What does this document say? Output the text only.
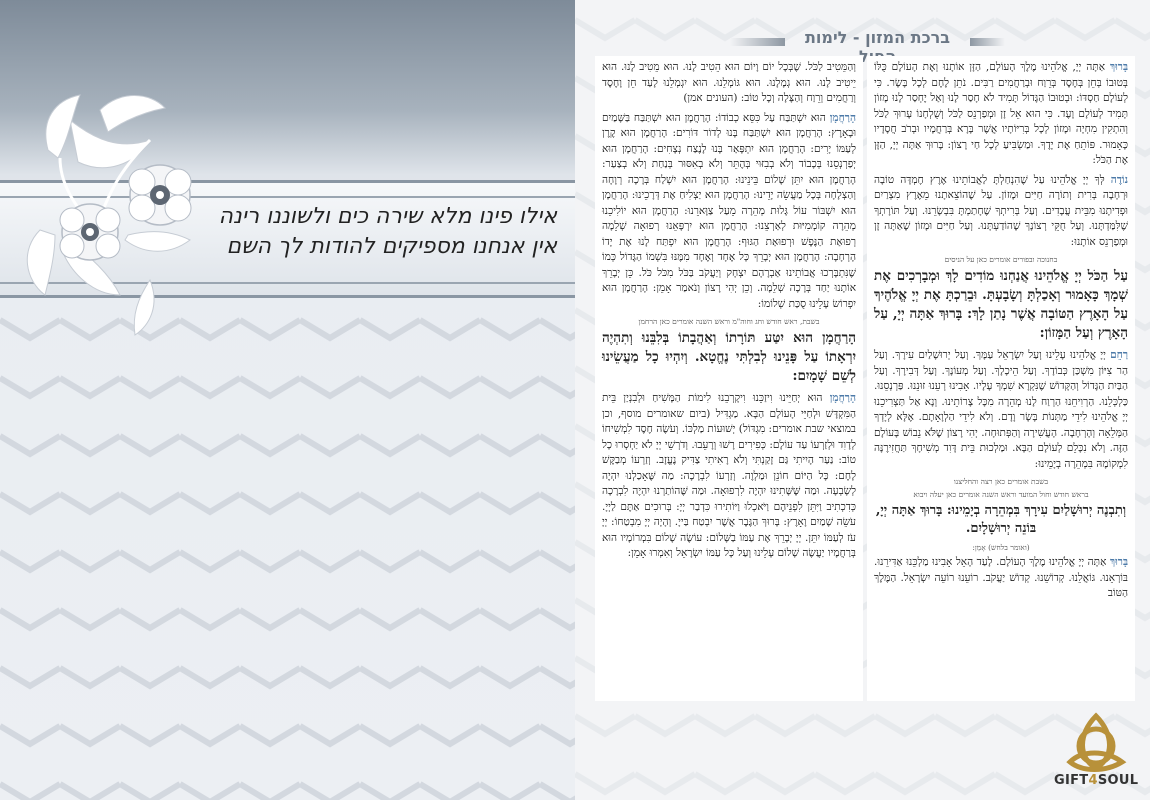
אילו פינו מלא שירה כים ולשוננו רינה
אין אנחנו מספיקים להודות לך השם
ברכת המזון - לימות
בָּרוּךְ אַתָּה יְיָ, אֱלֹהֵינוּ מֶלֶךְ הָעוֹלָם, הַזָּן אוֹתָנוּ וְאֶת הָעוֹלָם כֻּלּוֹ בְּטוּבוֹ בְּחֵן בְּחֶסֶד בְּרֵוַח וּבְרַחֲמִים רַבִּים. נֹתֵן לֶחֶם לְכָל בָּשָׂר. כִּי לְעוֹלָם חַסְדּוֹ: וּבְטוּבוֹ הַגָּדוֹל תָּמִיד לֹא חָסַר לָנוּ וְאַל יֶחְסַר לָנוּ מָזוֹן תָּמִיד לְעוֹלָם וָעֶד. כִּי הוּא אֵל זָן וּמְפַרְנֵס לַכֹּל וְשֻׁלְחָנוֹ עָרוּךְ לַכֹּל וְהִתְקִין מִחְיָה וּמָזוֹן לְכָל בְּרִיּוֹתָיו אֲשֶׁר בָּרָא בְּרַחֲמָיו וּבְרֹב חֲסָדָיו כָּאָמוּר. פּוֹתֵחַ אֶת יָדֶךָ. וּמַשְׂבִּיעַ לְכָל חַי רָצוֹן: בָּרוּךְ אַתָּה יְיָ, הַזָּן אֶת הַכֹּל:
נוֹדֶה לְּךָ יְיָ אֱלֹהֵינוּ עַל שֶׁהִנְחַלְתָּ לַאֲבוֹתֵינוּ אֶרֶץ חֶמְדָּה טוֹבָה וּרְחָבָה בְּרִית וְתוֹרָה חַיִּים וּמָזוֹן. עַל שֶׁהוֹצֵאתָנוּ מֵאֶרֶץ מִצְרַיִם וּפְדִיתָנוּ מִבֵּית עֲבָדִים. וְעַל בְּרִיתְךָ שֶׁחָתַמְתָּ בִּבְשָׂרֵנוּ. וְעַל תּוֹרָתְךָ שֶׁלִּמַּדְתָּנוּ. וְעַל חֻקֵּי רְצוֹנָךְ שֶׁהוֹדַעְתָּנוּ. וְעַל חַיִּים וּמָזוֹן שֶׁאַתָּה זָן וּמְפַרְנֵס אוֹתָנוּ:
בחנוכה ובפורים אומרים כאן על הניסים
עַל הַכֹּל יְיָ אֱלֹהֵינוּ אֲנַחְנוּ מוֹדִים לָךְ וּמְבָרְכִים אֶת שְׁמָךְ כָּאָמוּר וְאָכַלְתָּ וְשָׂבָעְתָּ. וּבֵרַכְתָּ אֶת יְיָ אֱלֹהֶיךָ עַל הָאָרֶץ הַטּוֹבָה אֲשֶׁר נָתַן לָךְ: בָּרוּךְ אַתָּה יְיָ, עַל הָאָרֶץ וְעַל הַמָּזוֹן:
רַחֵם יְיָ אֱלֹהֵינוּ עָלֵינוּ וְעַל יִשְׂרָאֵל עַמָּךְ. וְעַל יְרוּשָׁלַיִם עִירָךְ. וְעַל הַר צִיּוֹן מִשְׁכַּן כְּבוֹדָךְ. וְעַל הֵיכָלָךְ. וְעַל מְעוֹנָךְ. וְעַל דְּבִירָךְ. וְעַל הַבַּיִת הַגָּדוֹל וְהַקָּדוֹשׁ שֶׁנִּקְרָא שִׁמְךָ עָלָיו. אָבִינוּ רְעֵנוּ זוּנֵנוּ. פַּרְנְסֵנוּ. כַּלְכְּלֵנוּ. הַרְוִיחֵנוּ הַרְוַח לָנוּ מְהֵרָה מִכָּל צָרוֹתֵינוּ. וְנָא אַל תַּצְרִיכֵנוּ יְיָ אֱלֹהֵינוּ לִידֵי מַתְּנוֹת בָּשָׂר וָדָם. וְלֹא לִידֵי הַלְוָאָתָם. אֶלָּא לְיָדְךָ הַמְּלֵאָה וְהָרְחָבָה. הָעֲשִׁירָה וְהַפְּתוּחָה. יְהִי רָצוֹן שֶׁלֹּא נֵבוֹשׁ בָּעוֹלָם הַזֶּה. וְלֹא נִכָּלֵם לְעוֹלָם הַבָּא. וּמַלְכוּת בֵּית דָּוִד מְשִׁיחָךְ תַּחֲזִירֶנָּה לִמְקוֹמָהּ בִּמְהֵרָה בְיָמֵינוּ:
בשבת אומרים כאן רצה והחליצנו
בראש חודש וחול המועד וראש השנה אומרים כאן יעלה ויבוא
וְתִבְנֶה יְרוּשָׁלַיִם עִירָךְ בִּמְהֵרָה בְיָמֵינוּ: בָּרוּךְ אַתָּה יְיָ, בּוֹנֵה יְרוּשָׁלָיִם.
(ואומר בלחש) אָמֵן:
בָּרוּךְ אַתָּה יְיָ אֱלֹהֵינוּ מֶלֶךְ הָעוֹלָם. לָעַד הָאֵל אָבִינוּ מַלְכֵּנוּ אַדִּירֵנוּ. בּוֹרְאֵנוּ. גּוֹאֲלֵנוּ. קְדוֹשֵׁנוּ. קְדוֹשׁ יַעֲקֹב. רוֹעֵנוּ רוֹעֵה יִשְׂרָאֵל. הַמֶּלֶךְ הַטּוֹב
וְהַמֵּטִיב לַכֹּל. שֶׁבְּכָל יוֹם וָיוֹם הוּא הֵטִיב לָנוּ. הוּא מֵטִיב לָנוּ. הוּא יֵיטִיב לָנוּ. הוּא גְמָלָנוּ. הוּא גּוֹמְלֵנוּ. הוּא יִגְמְלֵנוּ לָעַד חֵן וָחֶסֶד וְרַחֲמִים וְרֵוַח וְהַצָּלָה וְכָל טוֹב: (העונים אמן)
הָרַחֲמָן הוּא יִשְׁתַּבַּח עַל כִּסֵּא כְבוֹדוֹ: הָרַחֲמָן הוּא יִשְׁתַּבַּח בַּשָּׁמַיִם וּבָאָרֶץ: הָרַחֲמָן הוּא יִשְׁתַּבַּח בָּנוּ לְדוֹר דּוֹרִים: הָרַחֲמָן הוּא קֶרֶן לְעַמּוֹ יָרִים: הָרַחֲמָן הוּא יִתְפָּאַר בָּנוּ לָנֶצַח נְצָחִים: הָרַחֲמָן הוּא יְפַרְנְסֵנוּ בְּכָבוֹד וְלֹא בְבִזּוּי בְּהֶתֵּר וְלֹא בְאִסּוּר בְּנַחַת וְלֹא בְצַעַר: הָרַחֲמָן הוּא יִתֵּן שָׁלוֹם בֵּינֵינוּ: הָרַחֲמָן הוּא יִשְׁלַח בְּרָכָה רְוָחָה וְהַצְלָחָה בְּכָל מַעֲשֵׂה יָדֵינוּ: הָרַחֲמָן הוּא יַצְלִיחַ אֶת דְּרָכֵינוּ: הָרַחֲמָן הוּא יִשְׁבּוֹר עוֹל גָּלוּת מְהֵרָה מֵעַל צַוָּארֵנוּ: הָרַחֲמָן הוּא יוֹלִיכֵנוּ מְהֵרָה קוֹמְמִיּוּת לְאַרְצֵנוּ: הָרַחֲמָן הוּא יִרְפָּאֵנוּ רְפוּאָה שְׁלֵמָה רְפוּאַת הַנֶּפֶשׁ וּרְפוּאַת הַגּוּף: הָרַחֲמָן הוּא יִפְתַּח לָנוּ אֶת יָדוֹ הָרְחָבָה: הָרַחֲמָן הוּא יְבָרֵךְ כָּל אֶחָד וְאֶחָד מִמֶּנּוּ בִּשְׁמוֹ הַגָּדוֹל כְּמוֹ שֶׁנִּתְבָּרְכוּ אֲבוֹתֵינוּ אַבְרָהָם יִצְחָק וְיַעֲקֹב בַּכֹּל מִכֹּל כֹּל. כֵּן יְבָרֵךְ אוֹתָנוּ יַחַד בְּרָכָה שְׁלֵמָה. וְכֵן יְהִי רָצוֹן וְנֹאמַר אָמֵן: הָרַחֲמָן הוּא יִפְרוֹשׂ עָלֵינוּ סֻכַּת שְׁלוֹמוֹ:
בשבת, ראש חודש וחג וחוה"מ וראש השנה אומרים כאן הרחמן
הָרַחֲמָן הוּא יִטַּע תּוֹרָתוֹ וְאַהֲבָתוֹ בְּלִבֵּנוּ וְתִהְיֶה יִרְאָתוֹ עַל פָּנֵינוּ לְבִלְתִּי נֶחֱטָא. וְיִהְיוּ כָל מַעֲשֵׂינוּ לְשֵׁם שָׁמָיִם:
הָרַחֲמָן הוּא יְחַיֵּינוּ וִיזַכֵּנוּ וִיקָרְבֵנוּ לִימוֹת הַמָּשִׁיחַ וּלְבִנְיַן בֵּית הַמִּקְדָּשׁ וּלְחַיֵּי הָעוֹלָם הַבָּא. מַגְדִּיל (ביום שאומרים מוסף, וכן במוצאי שבת אומרים: מִגְדּוֹל) יְשׁוּעוֹת מַלְכּוֹ. וְעֹשֶׂה חֶסֶד לִמְשִׁיחוֹ לְדָוִד וּלְזַרְעוֹ עַד עוֹלָם: כְּפִירִים רָשׁוּ וְרָעֵבוּ. וְדֹרְשֵׁי יְיָ לֹא יַחְסְרוּ כָל טוֹב: נַעַר הָיִיתִי גַּם זָקַנְתִּי וְלֹא רָאִיתִי צַדִּיק נֶעֱזָב. וְזַרְעוֹ מְבַקֶּשׁ לָחֶם: כָּל הַיּוֹם חוֹנֵן וּמַלְוֶה. וְזַרְעוֹ לִבְרָכָה: מַה שֶּׁאָכַלְנוּ יִהְיֶה לְשָׂבְעָה. וּמַה שֶּׁשָּׁתִינוּ יִהְיֶה לִרְפוּאָה. וּמַה שֶּׁהוֹתַרְנוּ יִהְיֶה לִבְרָכָה כְּדִכְתִיב וַיִּתֵּן לִפְנֵיהֶם וַיֹּאכְלוּ וַיּוֹתִירוּ כִּדְבַר יְיָ: בְּרוּכִים אַתֶּם לַיְיָ. עֹשֵׂה שָׁמַיִם וָאָרֶץ: בָּרוּךְ הַגֶּבֶר אֲשֶׁר יִבְטַח בַּייָ. וְהָיָה יְיָ מִבְטַחוֹ: יְיָ עֹז לְעַמּוֹ יִתֵּן. יְיָ יְבָרֵךְ אֶת עַמּוֹ בַשָּׁלוֹם: עוֹשֶׂה שָׁלוֹם בִּמְרוֹמָיו הוּא בְּרַחֲמָיו יַעֲשֶׂה שָׁלוֹם עָלֵינוּ וְעַל כָּל עַמּוֹ יִשְׂרָאֵל וְאִמְרוּ אָמֵן:
GIFT4SOUL
